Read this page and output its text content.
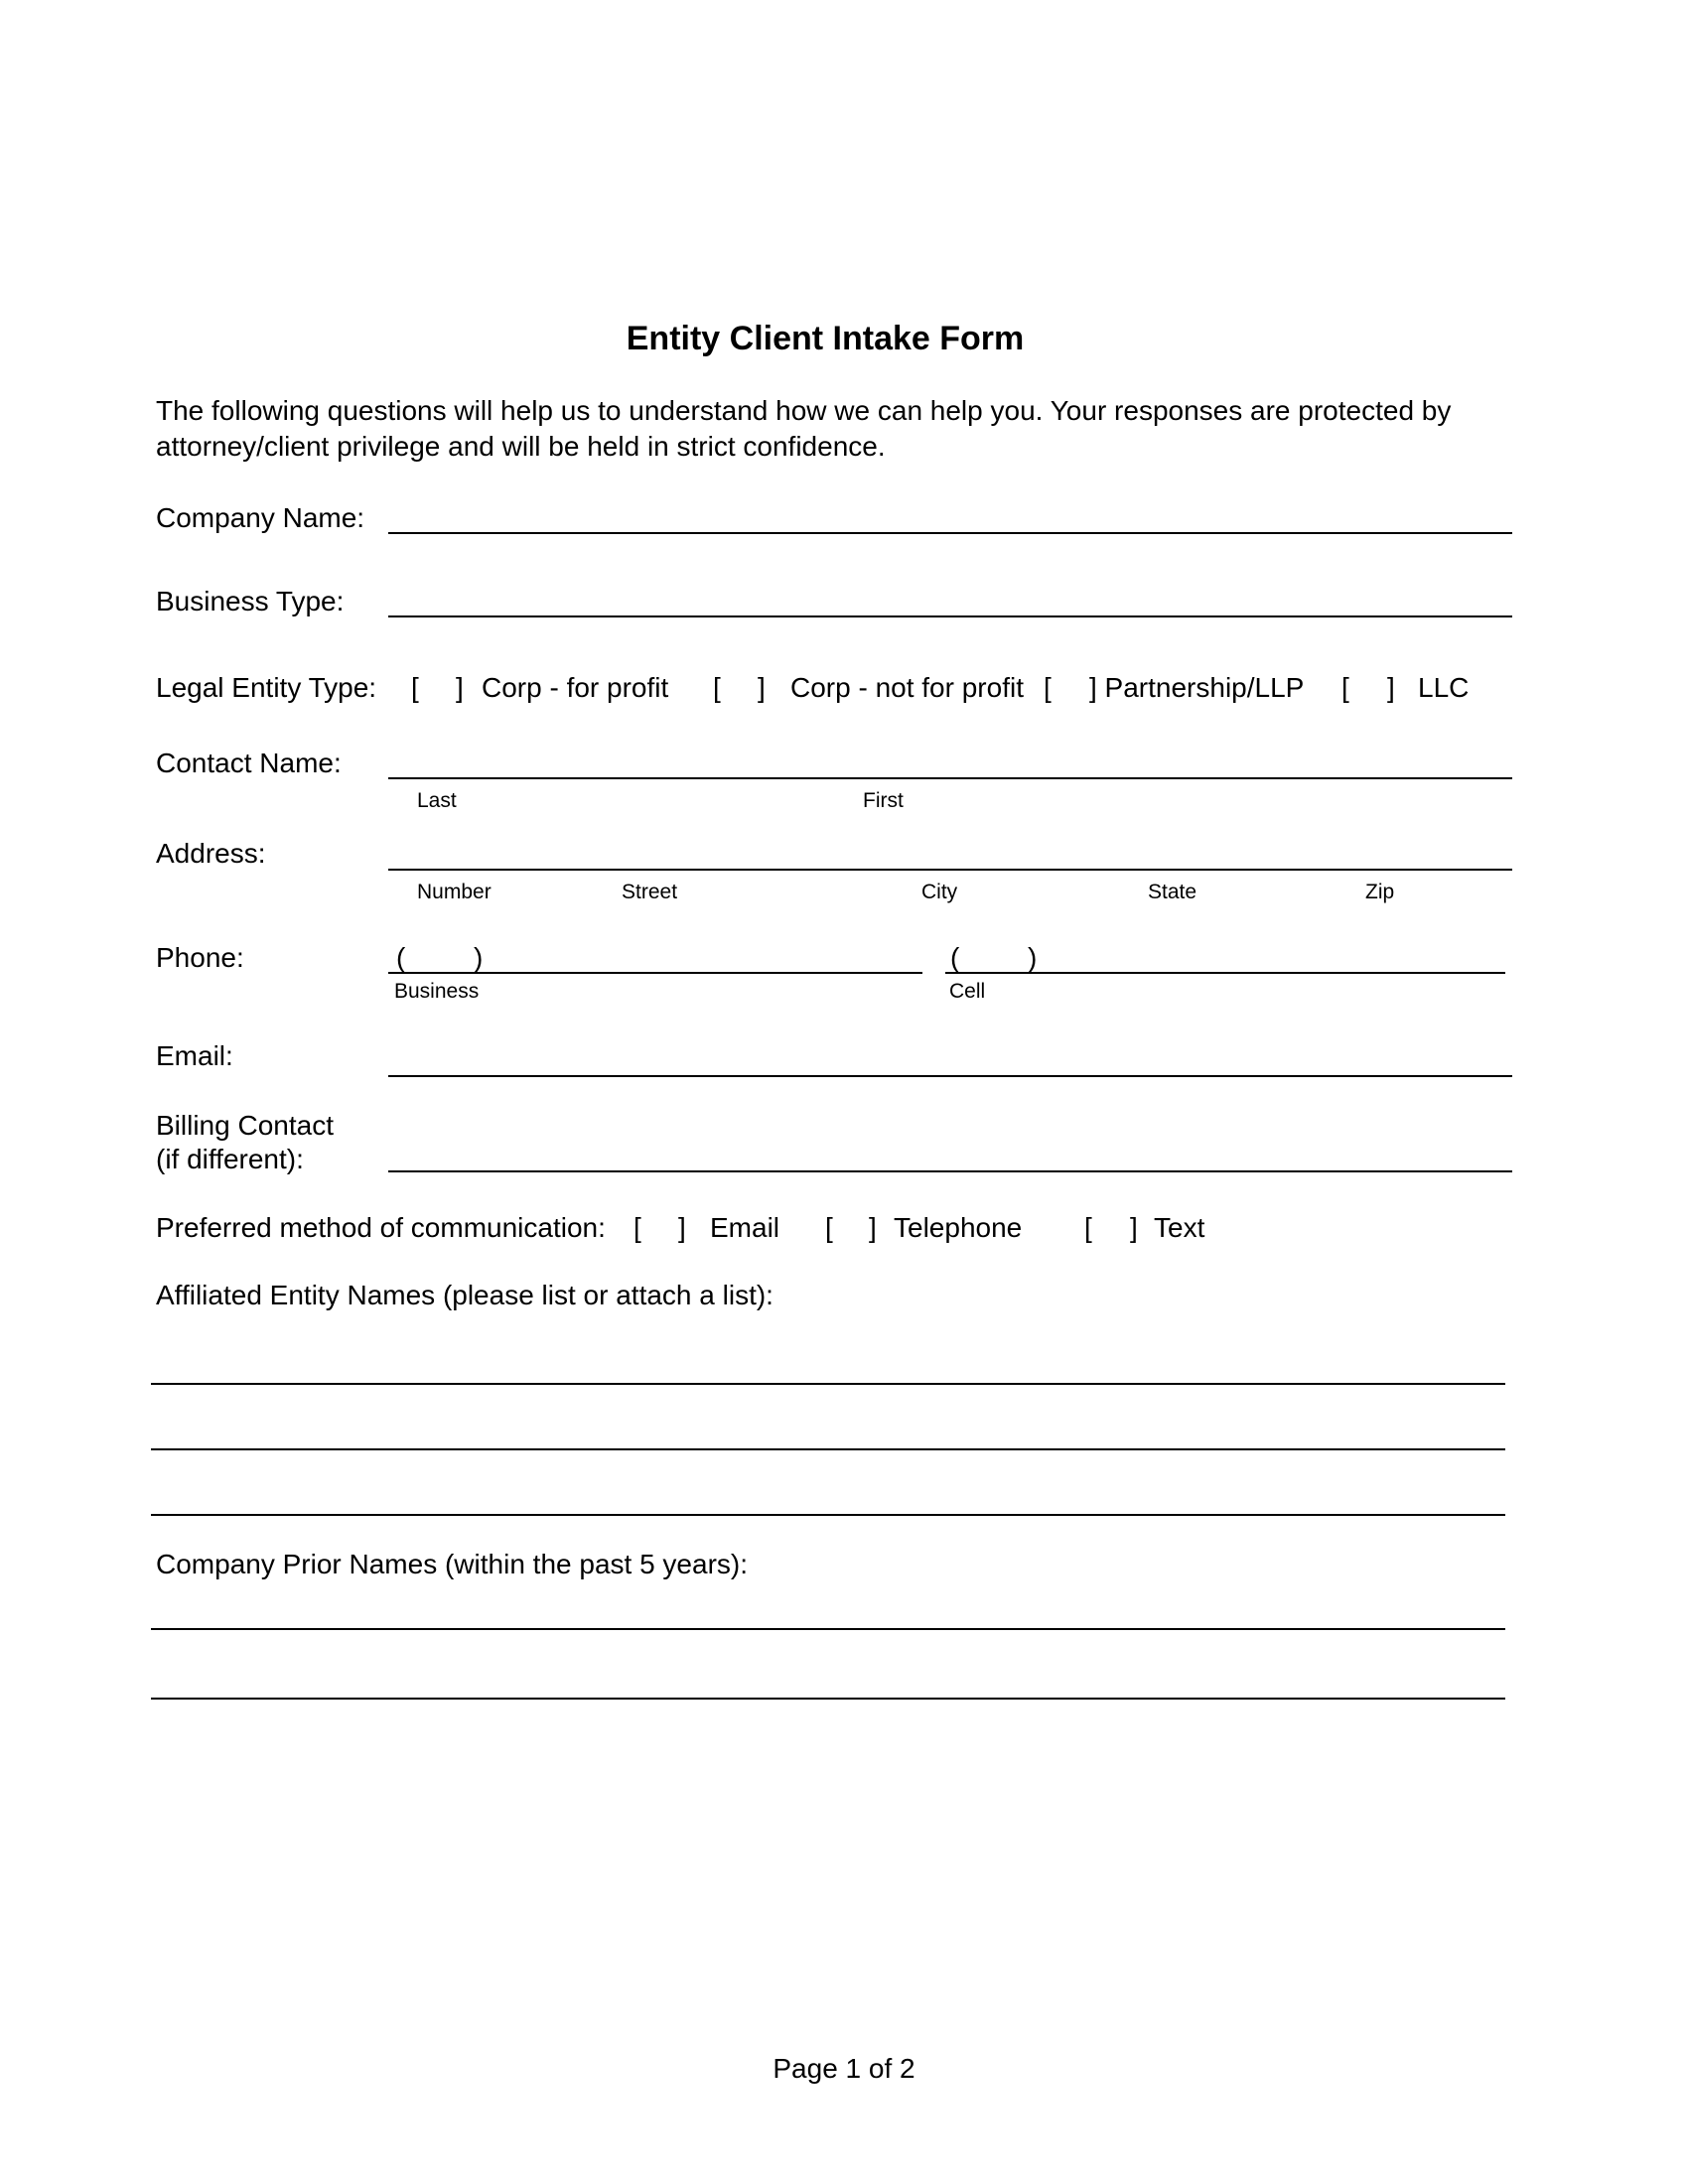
Entity Client Intake Form
The following questions will help us to understand how we can help you. Your responses are protected by
attorney/client privilege and will be held in strict confidence.
Company Name:
Business Type:
Legal Entity Type: [ ] Corp - for profit [ ] Corp - not for profit [ ] Partnership/LLP [ ] LLC
Contact Name:
Last	First
Address:
Number	Street	City	State	Zip
Phone:	( )
Business
( )
Cell
Email:
Billing Contact
(if different):
Preferred method of communication: [ ] Email [ ] Telephone [ ] Text
Affiliated Entity Names (please list or attach a list):
Company Prior Names (within the past 5 years):
Page 1 of 2
